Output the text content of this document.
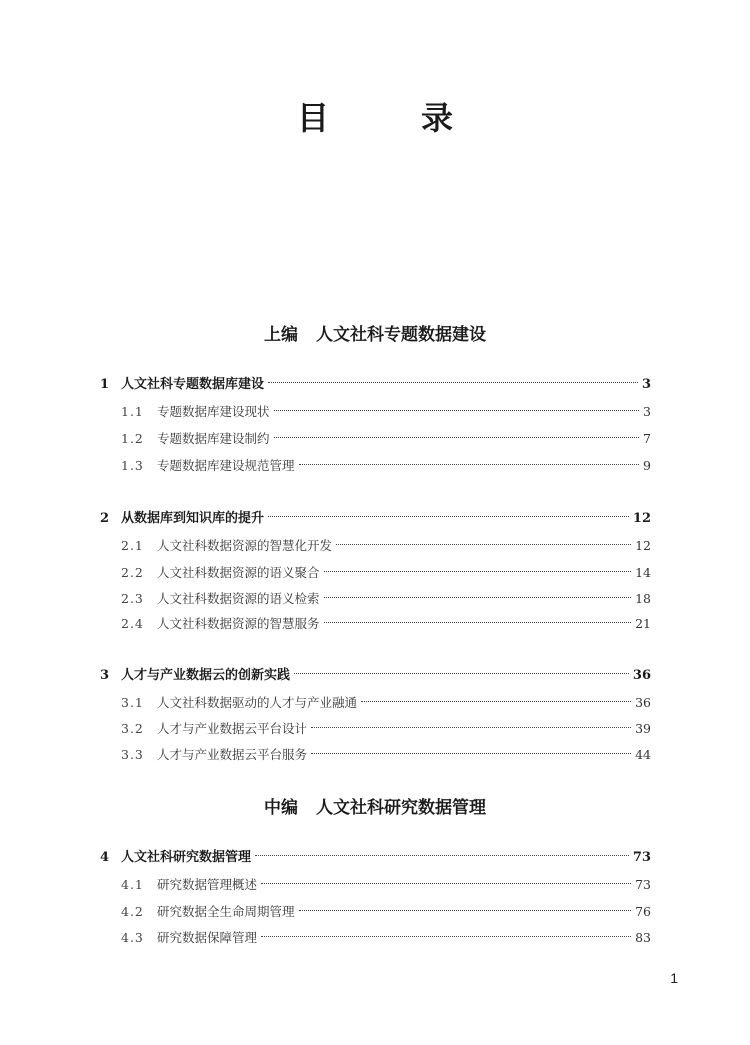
目　录
上编 人文社科专题数据建设
1 人文社科专题数据库建设	3
1.1	专题数据库建设现状	3
1.2	专题数据库建设制约	7
1.3	专题数据库建设规范管理	9
2 从数据库到知识库的提升	12
2.1	人文社科数据资源的智慧化开发	12
2.2	人文社科数据资源的语义聚合	14
2.3	人文社科数据资源的语义检索	18
2.4	人文社科数据资源的智慧服务	21
3 人才与产业数据云的创新实践	36
3.1	人文社科数据驱动的人才与产业融通	36
3.2	人才与产业数据云平台设计	39
3.3	人才与产业数据云平台服务	44
中编 人文社科研究数据管理
4 人文社科研究数据管理	73
4.1	研究数据管理概述	73
4.2	研究数据全生命周期管理	76
4.3	研究数据保障管理	83
1
